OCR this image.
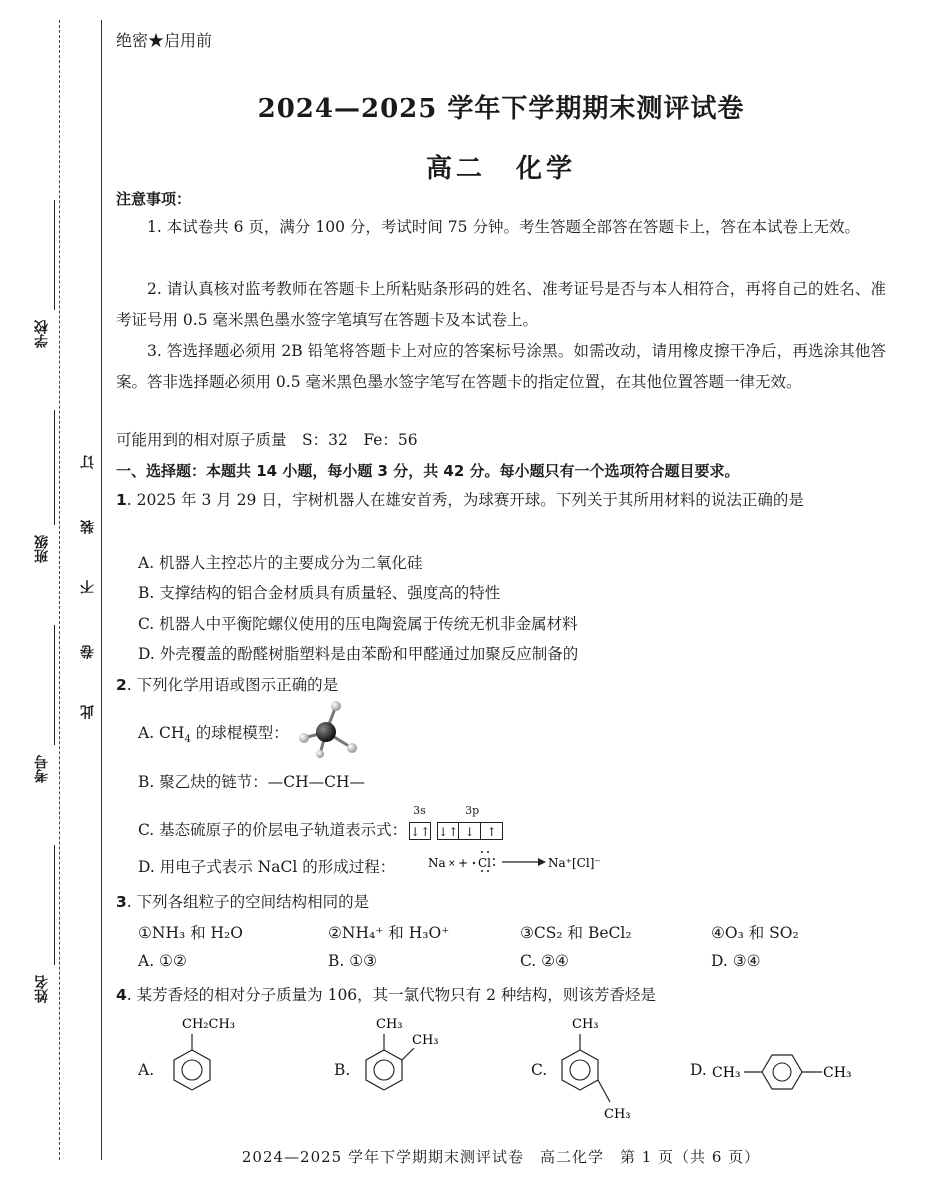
学校
班级
考号
姓名
订
装
不
卷
此
绝密★启用前
2024—2025 学年下学期期末测评试卷
高二　化学
注意事项：
1. 本试卷共 6 页，满分 100 分，考试时间 75 分钟。考生答题全部答在答题卡上，答在本试卷上无效。
2. 请认真核对监考教师在答题卡上所粘贴条形码的姓名、准考证号是否与本人相符合，再将自己的姓名、准考证号用 0.5 毫米黑色墨水签字笔填写在答题卡及本试卷上。
3. 答选择题必须用 2B 铅笔将答题卡上对应的答案标号涂黑。如需改动，请用橡皮擦干净后，再选涂其他答案。答非选择题必须用 0.5 毫米黑色墨水签字笔写在答题卡的指定位置，在其他位置答题一律无效。
可能用到的相对原子质量　S：32　Fe：56
一、选择题：本题共 14 小题，每小题 3 分，共 42 分。每小题只有一个选项符合题目要求。
1. 2025 年 3 月 29 日，宇树机器人在雄安首秀，为球赛开球。下列关于其所用材料的说法正确的是
A. 机器人主控芯片的主要成分为二氧化硅
B. 支撑结构的铝合金材质具有质量轻、强度高的特性
C. 机器人中平衡陀螺仪使用的压电陶瓷属于传统无机非金属材料
D. 外壳覆盖的酚醛树脂塑料是由苯酚和甲醛通过加聚反应制备的
2. 下列化学用语或图示正确的是
A. $CH_4$ 的球棍模型：
B. 聚乙炔的链节：—CH—CH—
C. 基态硫原子的价层电子轨道表示式：
3s
↓↑
3p
↓↑ ↓ ↑
D. 用电子式表示 NaCl 的形成过程：	Na × + Cl	Na⁺[Cl]⁻
3. 下列各组粒子的空间结构相同的是
①NH₃ 和 H₂O	②NH₄⁺ 和 H₃O⁺	③CS₂ 和 BeCl₂	④O₃ 和 SO₂
A. ①②	B. ①③	C. ②④	D. ③④
4. 某芳香烃的相对分子质量为 106，其一氯代物只有 2 种结构，则该芳香烃是
A.
CH₂CH₃
B.
CH₃
CH₃
C.
CH₃
CH₃
D. CH₃	CH₃
2024—2025 学年下学期期末测评试卷　高二化学　第 1 页（共 6 页）
